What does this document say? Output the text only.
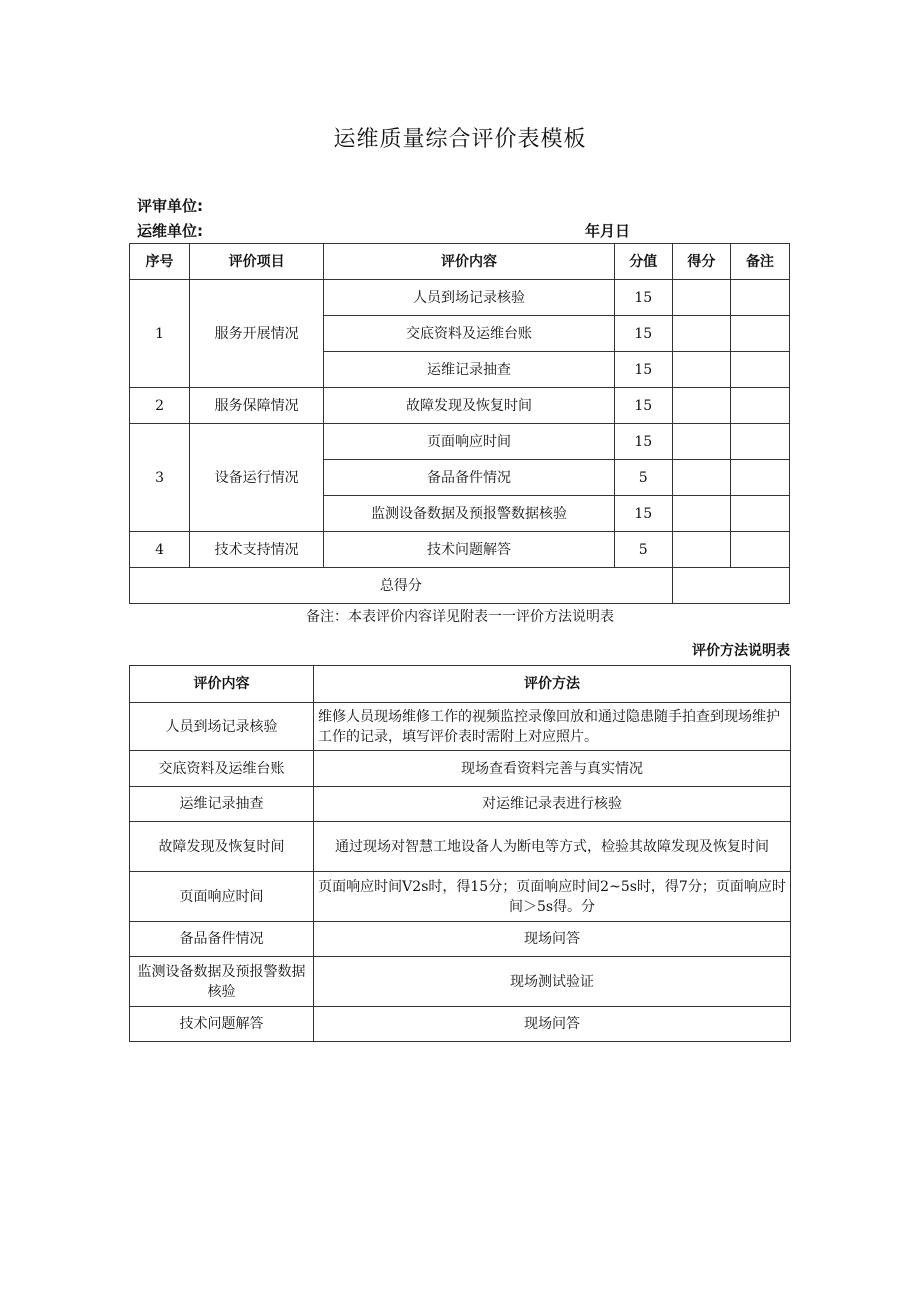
运维质量综合评价表模板
评审单位:
运维单位:	年月日
序号	评价项目	评价内容	分值	得分	备注
1	服务开展情况	人员到场记录核验	15		
		交底资料及运维台账	15		
		运维记录抽查	15		
2	服务保障情况	故障发现及恢复时间	15		
3	设备运行情况	页面响应时间	15		
		备品备件情况	5		
		监测设备数据及预报警数据核验	15		
4	技术支持情况	技术问题解答	5		
总得分					
备注：本表评价内容详见附表一一评价方法说明表
评价方法说明表
评价内容	评价方法
人员到场记录核验	维修人员现场维修工作的视频监控录像回放和通过隐患随手拍查到现场维护工作的记录，填写评价表时需附上对应照片。
交底资料及运维台账	现场查看资料完善与真实情况
运维记录抽查	对运维记录表进行核验
故障发现及恢复时间	通过现场对智慧工地设备人为断电等方式，检验其故障发现及恢复时间
页面响应时间	页面响应时间V2s时，得15分；页面响应时间2~5s时，得7分；页面响应时间＞5s得。分
备品备件情况	现场问答
监测设备数据及预报警数据核验	现场测试验证
技术问题解答	现场问答
